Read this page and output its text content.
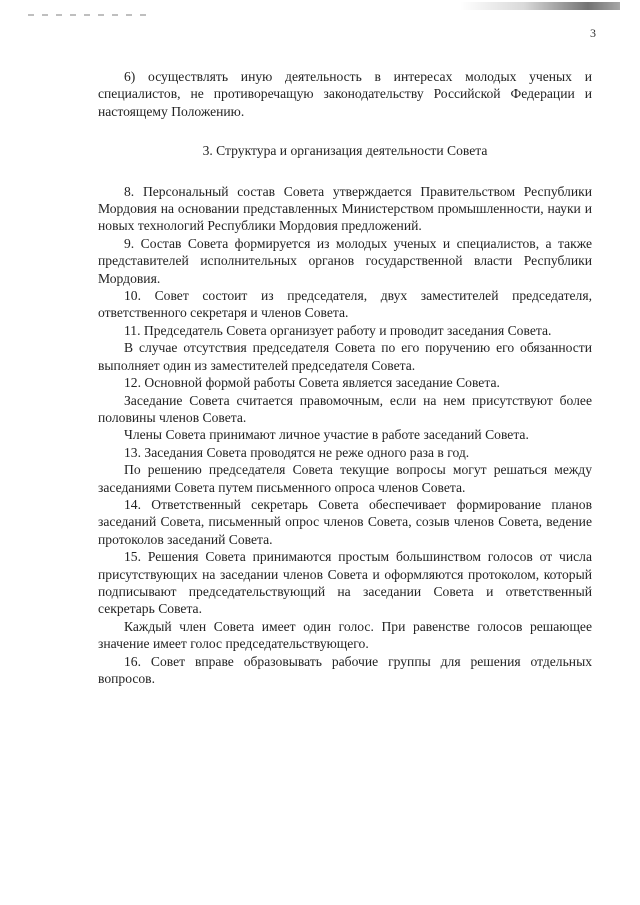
3

6) осуществлять иную деятельность в интересах молодых ученых и специалистов, не противоречащую законодательству Российской Федерации и настоящему Положению.

3. Структура и организация деятельности Совета

8. Персональный состав Совета утверждается Правительством Республики Мордовия на основании представленных Министерством промышленности, науки и новых технологий Республики Мордовия предложений.

9. Состав Совета формируется из молодых ученых и специалистов, а также представителей исполнительных органов государственной власти Республики Мордовия.

10. Совет состоит из председателя, двух заместителей председателя, ответственного секретаря и членов Совета.

11. Председатель Совета организует работу и проводит заседания Совета.

В случае отсутствия председателя Совета по его поручению его обязанности выполняет один из заместителей председателя Совета.

12. Основной формой работы Совета является заседание Совета.

Заседание Совета считается правомочным, если на нем присутствуют более половины членов Совета.

Члены Совета принимают личное участие в работе заседаний Совета.

13. Заседания Совета проводятся не реже одного раза в год.

По решению председателя Совета текущие вопросы могут решаться между заседаниями Совета путем письменного опроса членов Совета.

14. Ответственный секретарь Совета обеспечивает формирование планов заседаний Совета, письменный опрос членов Совета, созыв членов Совета, ведение протоколов заседаний Совета.

15. Решения Совета принимаются простым большинством голосов от числа присутствующих на заседании членов Совета и оформляются протоколом, который подписывают председательствующий на заседании Совета и ответственный секретарь Совета.

Каждый член Совета имеет один голос. При равенстве голосов решающее значение имеет голос председательствующего.

16. Совет вправе образовывать рабочие группы для решения отдельных вопросов.
